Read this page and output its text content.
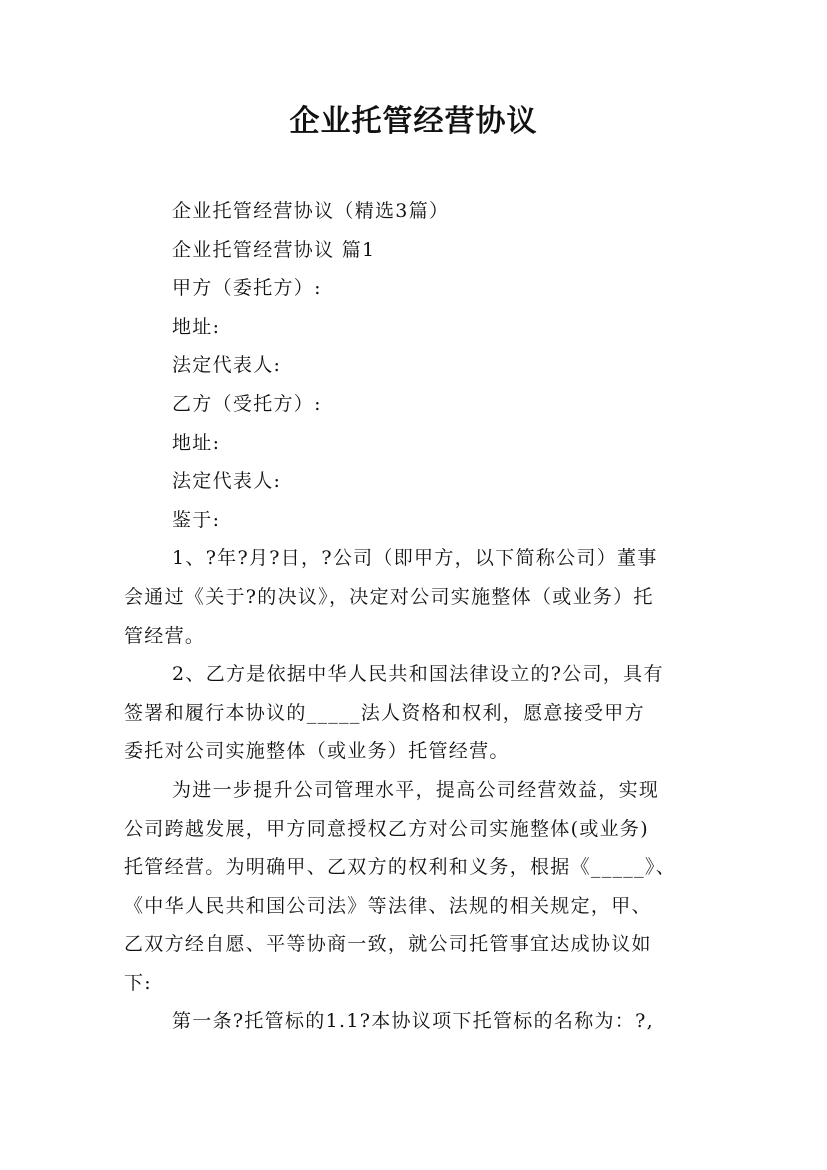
企业托管经营协议
企业托管经营协议（精选3篇）
企业托管经营协议 篇1
甲方（委托方）:
地址:
法定代表人:
乙方（受托方）:
地址:
法定代表人:
鉴于:
1、?年?月?日，?公司（即甲方，以下简称公司）董事
会通过《关于?的决议》，决定对公司实施整体（或业务）托
管经营。
2、乙方是依据中华人民共和国法律设立的?公司，具有
签署和履行本协议的_____法人资格和权利，愿意接受甲方
委托对公司实施整体（或业务）托管经营。
为进一步提升公司管理水平，提高公司经营效益，实现
公司跨越发展，甲方同意授权乙方对公司实施整体(或业务)
托管经营。为明确甲、乙双方的权利和义务，根据《_____》、
《中华人民共和国公司法》等法律、法规的相关规定，甲、
乙双方经自愿、平等协商一致，就公司托管事宜达成协议如
下:
第一条?托管标的1.1?本协议项下托管标的名称为：?,
